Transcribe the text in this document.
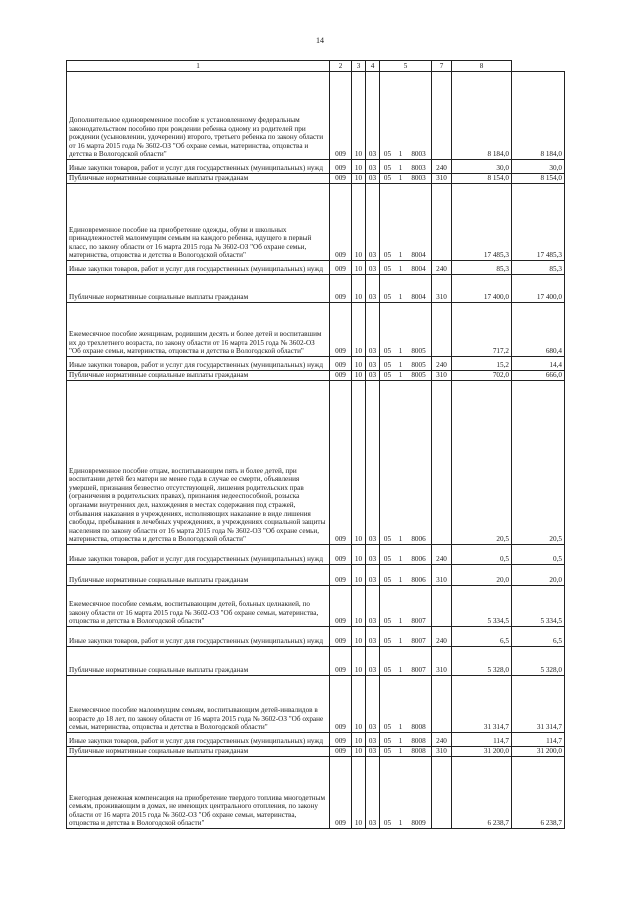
14
1	2	3	4	5		7	8	
Дополнительное единовременное пособие к установленному федеральным законодательством пособию при рождении ребенка одному из родителей при рождении (усыновлении, удочерении) второго, третьего ребенка по закону области от 16 марта 2015 года № 3602-ОЗ "Об охране семьи, материнства, отцовства и детства в Вологодской области"	009	10	03	05 1 8003		8 184,0	8 184,0
Иные закупки товаров, работ и услуг для государственных (муниципальных) нужд	009	10	03	05 1 8003	240	30,0	30,0
Публичные нормативные социальные выплаты гражданам	009	10	03	05 1 8003	310	8 154,0	8 154,0
Единовременное пособие на приобретение одежды, обуви и школьных принадлежностей малоимущим семьям на каждого ребенка, идущего в первый класс, по закону области от 16 марта 2015 года № 3602-ОЗ "Об охране семьи, материнства, отцовства и детства в Вологодской области"	009	10	03	05 1 8004		17 485,3	17 485,3
Иные закупки товаров, работ и услуг для государственных (муниципальных) нужд	009	10	03	05 1 8004	240	85,3	85,3
Публичные нормативные социальные выплаты гражданам	009	10	03	05 1 8004	310	17 400,0	17 400,0
Ежемесячное пособие женщинам, родившим десять и более детей и воспитавшим их до трехлетнего возраста, по закону области от 16 марта 2015 года № 3602-ОЗ "Об охране семьи, материнства, отцовства и детства в Вологодской области"	009	10	03	05 1 8005		717,2	680,4
Иные закупки товаров, работ и услуг для государственных (муниципальных) нужд	009	10	03	05 1 8005	240	15,2	14,4
Публичные нормативные социальные выплаты гражданам	009	10	03	05 1 8005	310	702,0	666,0
Единовременное пособие отцам, воспитывающим пять и более детей, при воспитании детей без матери не менее года в случае ее смерти, объявления умершей, признания безвестно отсутствующей, лишения родительских прав (ограничения в родительских правах), признания недееспособной, розыска органами внутренних дел, нахождения в местах содержания под стражей, отбывания наказания в учреждениях, исполняющих наказание в виде лишения свободы, пребывания в лечебных учреждениях, в учреждениях социальной защиты населения по закону области от 16 марта 2015 года № 3602-ОЗ "Об охране семьи, материнства, отцовства и детства в Вологодской области"	009	10	03	05 1 8006		20,5	20,5
Иные закупки товаров, работ и услуг для государственных (муниципальных) нужд	009	10	03	05 1 8006	240	0,5	0,5
Публичные нормативные социальные выплаты гражданам	009	10	03	05 1 8006	310	20,0	20,0
Ежемесячное пособие семьям, воспитывающим детей, больных целиакией, по закону области от 16 марта 2015 года № 3602-ОЗ "Об охране семьи, материнства, отцовства и детства в Вологодской области"	009	10	03	05 1 8007		5 334,5	5 334,5
Иные закупки товаров, работ и услуг для государственных (муниципальных) нужд	009	10	03	05 1 8007	240	6,5	6,5
Публичные нормативные социальные выплаты гражданам	009	10	03	05 1 8007	310	5 328,0	5 328,0
Ежемесячное пособие малоимущим семьям, воспитывающим детей-инвалидов в возрасте до 18 лет, по закону области от 16 марта 2015 года № 3602-ОЗ "Об охране семьи, материнства, отцовства и детства в Вологодской области"	009	10	03	05 1 8008		31 314,7	31 314,7
Иные закупки товаров, работ и услуг для государственных (муниципальных) нужд	009	10	03	05 1 8008	240	114,7	114,7
Публичные нормативные социальные выплаты гражданам	009	10	03	05 1 8008	310	31 200,0	31 200,0
Ежегодная денежная компенсация на приобретение твердого топлива многодетным семьям, проживающим в домах, не имеющих центрального отопления, по закону области от 16 марта 2015 года № 3602-ОЗ "Об охране семьи, материнства, отцовства и детства в Вологодской области"	009	10	03	05 1 8009		6 238,7	6 238,7
